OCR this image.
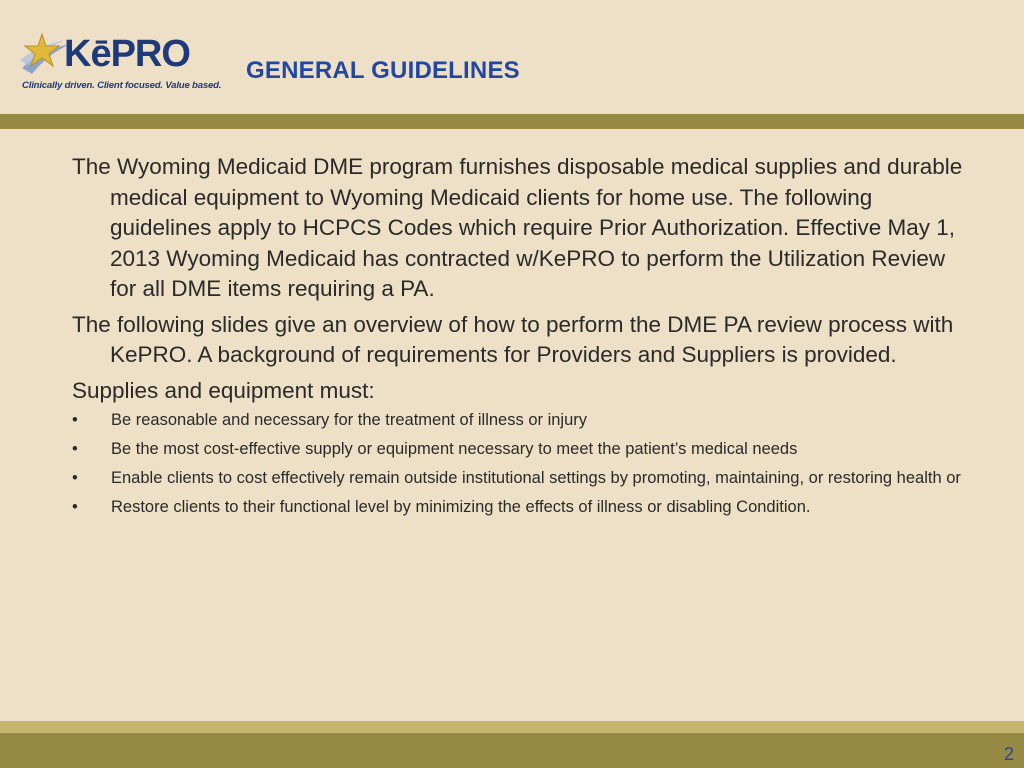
KēPRO
Clinically driven. Client focused. Value based.
GENERAL GUIDELINES

The Wyoming Medicaid DME program furnishes disposable medical supplies and durable medical equipment to Wyoming Medicaid clients for home use. The following guidelines apply to HCPCS Codes which require Prior Authorization. Effective May 1, 2013 Wyoming Medicaid has contracted w/KePRO to perform the Utilization Review for all DME items requiring a PA.

The following slides give an overview of how to perform the DME PA review process with KePRO. A background of requirements for Providers and Suppliers is provided.

Supplies and equipment must:

• Be reasonable and necessary for the treatment of illness or injury
• Be the most cost-effective supply or equipment necessary to meet the patient’s medical needs
• Enable clients to cost effectively remain outside institutional settings by promoting, maintaining, or restoring health or
• Restore clients to their functional level by minimizing the effects of illness or disabling Condition.
2
